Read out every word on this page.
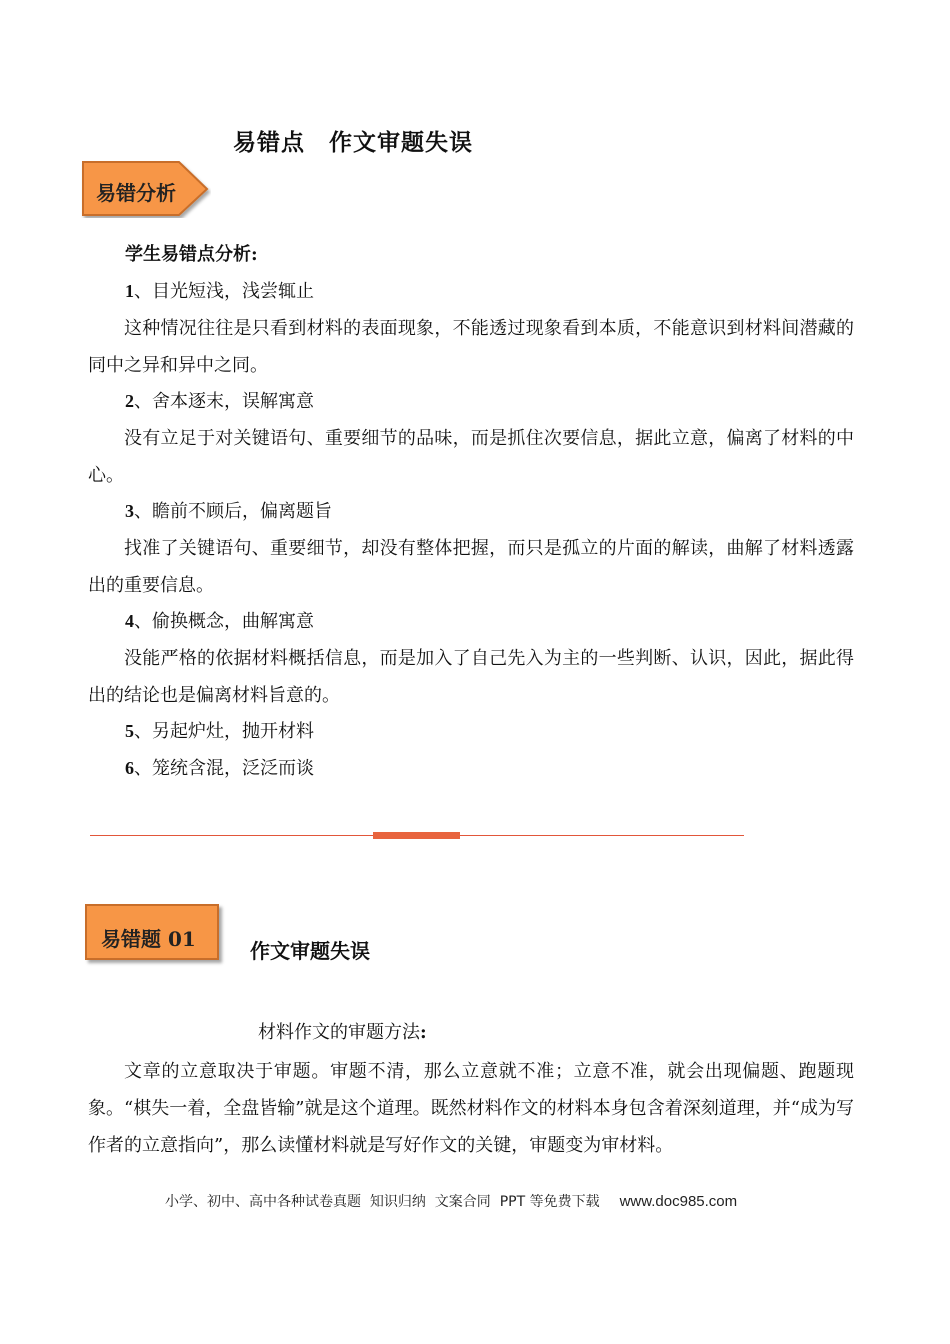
易错点　作文审题失误
易错分析
学生易错点分析:
1、目光短浅，浅尝辄止
这种情况往往是只看到材料的表面现象，不能透过现象看到本质，不能意识到材料间潜藏的同中之异和异中之同。
2、舍本逐末，误解寓意
没有立足于对关键语句、重要细节的品味，而是抓住次要信息，据此立意，偏离了材料的中心。
3、瞻前不顾后，偏离题旨
找准了关键语句、重要细节，却没有整体把握，而只是孤立的片面的解读，曲解了材料透露出的重要信息。
4、偷换概念，曲解寓意
没能严格的依据材料概括信息，而是加入了自己先入为主的一些判断、认识，因此，据此得出的结论也是偏离材料旨意的。
5、另起炉灶，抛开材料
6、笼统含混，泛泛而谈
易错题 01	作文审题失误
材料作文的审题方法:
文章的立意取决于审题。审题不清，那么立意就不准；立意不准，就会出现偏题、跑题现象。“棋失一着，全盘皆输”就是这个道理。既然材料作文的材料本身包含着深刻道理，并“成为写作者的立意指向”，那么读懂材料就是写好作文的关键，审题变为审材料。
小学、初中、高中各种试卷真题  知识归纳  文案合同  PPT 等免费下载 www.doc985.com
